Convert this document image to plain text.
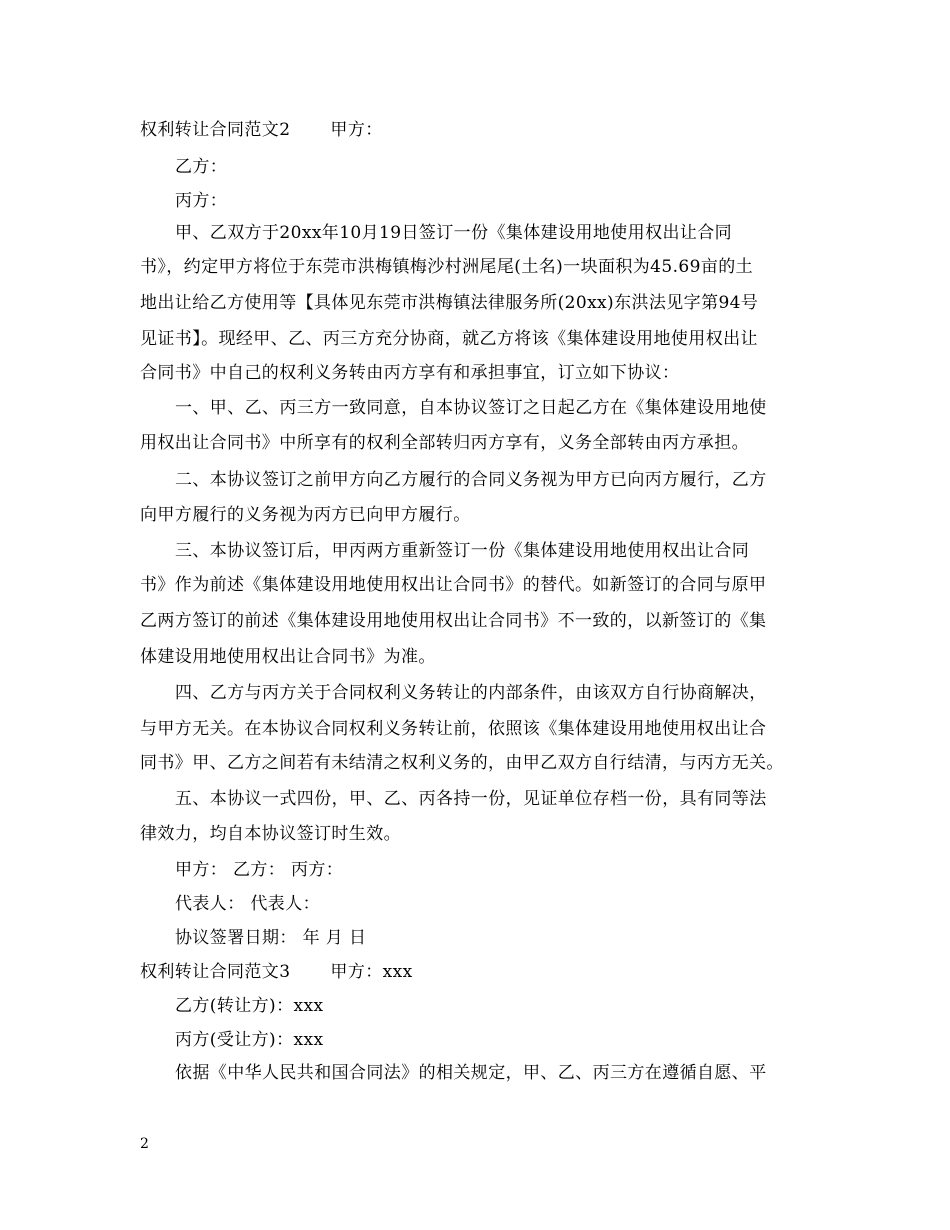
权利转让合同范文2 甲方：
乙方：
丙方：
甲、乙双方于20xx年10月19日签订一份《集体建设用地使用权出让合同
书》，约定甲方将位于东莞市洪梅镇梅沙村洲尾尾(土名)一块面积为45.69亩的土
地出让给乙方使用等【具体见东莞市洪梅镇法律服务所(20xx)东洪法见字第94号
见证书】。现经甲、乙、丙三方充分协商，就乙方将该《集体建设用地使用权出让
合同书》中自己的权利义务转由丙方享有和承担事宜，订立如下协议：
一、甲、乙、丙三方一致同意，自本协议签订之日起乙方在《集体建设用地使
用权出让合同书》中所享有的权利全部转归丙方享有，义务全部转由丙方承担。
二、本协议签订之前甲方向乙方履行的合同义务视为甲方已向丙方履行，乙方
向甲方履行的义务视为丙方已向甲方履行。
三、本协议签订后，甲丙两方重新签订一份《集体建设用地使用权出让合同
书》作为前述《集体建设用地使用权出让合同书》的替代。如新签订的合同与原甲
乙两方签订的前述《集体建设用地使用权出让合同书》不一致的，以新签订的《集
体建设用地使用权出让合同书》为准。
四、乙方与丙方关于合同权利义务转让的内部条件，由该双方自行协商解决，
与甲方无关。在本协议合同权利义务转让前，依照该《集体建设用地使用权出让合
同书》甲、乙方之间若有未结清之权利义务的，由甲乙双方自行结清，与丙方无关。
五、本协议一式四份，甲、乙、丙各持一份，见证单位存档一份，具有同等法
律效力，均自本协议签订时生效。
甲方： 乙方： 丙方：
代表人： 代表人：
协议签署日期： 年 月 日
权利转让合同范文3 甲方：xxx
乙方(转让方)：xxx
丙方(受让方)：xxx
依据《中华人民共和国合同法》的相关规定，甲、乙、丙三方在遵循自愿、平
2
